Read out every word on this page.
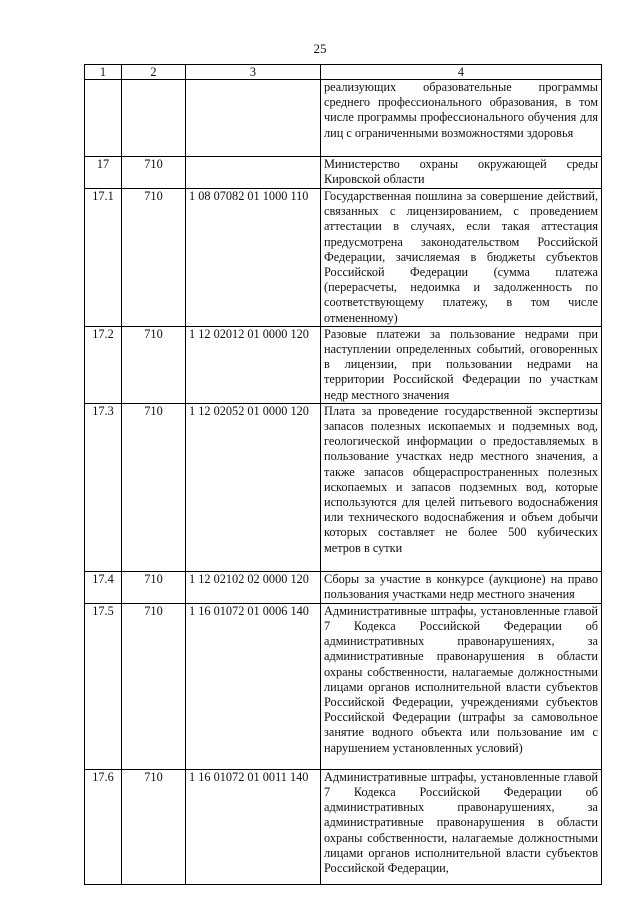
25
1	2	3	4
			реализующих образовательные программы среднего профессионального образования, в том числе программы профессионального обучения для лиц с ограниченными возможностями здоровья
17	710		Министерство охраны окружающей среды Кировской области
17.1	710	1 08 07082 01 1000 110	Государственная пошлина за совершение действий, связанных с лицензированием, с проведением аттестации в случаях, если такая аттестация предусмотрена законодательством Российской Федерации, зачисляемая в бюджеты субъектов Российской Федерации (сумма платежа (перерасчеты, недоимка и задолженность по соответствующему платежу, в том числе отмененному)
17.2	710	1 12 02012 01 0000 120	Разовые платежи за пользование недрами при наступлении определенных событий, оговоренных в лицензии, при пользовании недрами на территории Российской Федерации по участкам недр местного значения
17.3	710	1 12 02052 01 0000 120	Плата за проведение государственной экспертизы запасов полезных ископаемых и подземных вод, геологической информации о предоставляемых в пользование участках недр местного значения, а также запасов общераспространенных полезных ископаемых и запасов подземных вод, которые используются для целей питьевого водоснабжения или технического водоснабжения и объем добычи которых составляет не более 500 кубических метров в сутки
17.4	710	1 12 02102 02 0000 120	Сборы за участие в конкурсе (аукционе) на право пользования участками недр местного значения
17.5	710	1 16 01072 01 0006 140	Административные штрафы, установленные главой 7 Кодекса Российской Федерации об административных правонарушениях, за административные правонарушения в области охраны собственности, налагаемые должностными лицами органов исполнительной власти субъектов Российской Федерации, учреждениями субъектов Российской Федерации (штрафы за самовольное занятие водного объекта или пользование им с нарушением установленных условий)
17.6	710	1 16 01072 01 0011 140	Административные штрафы, установленные главой 7 Кодекса Российской Федерации об административных правонарушениях, за административные правонарушения в области охраны собственности, налагаемые должностными лицами органов исполнительной власти субъектов Российской Федерации,
